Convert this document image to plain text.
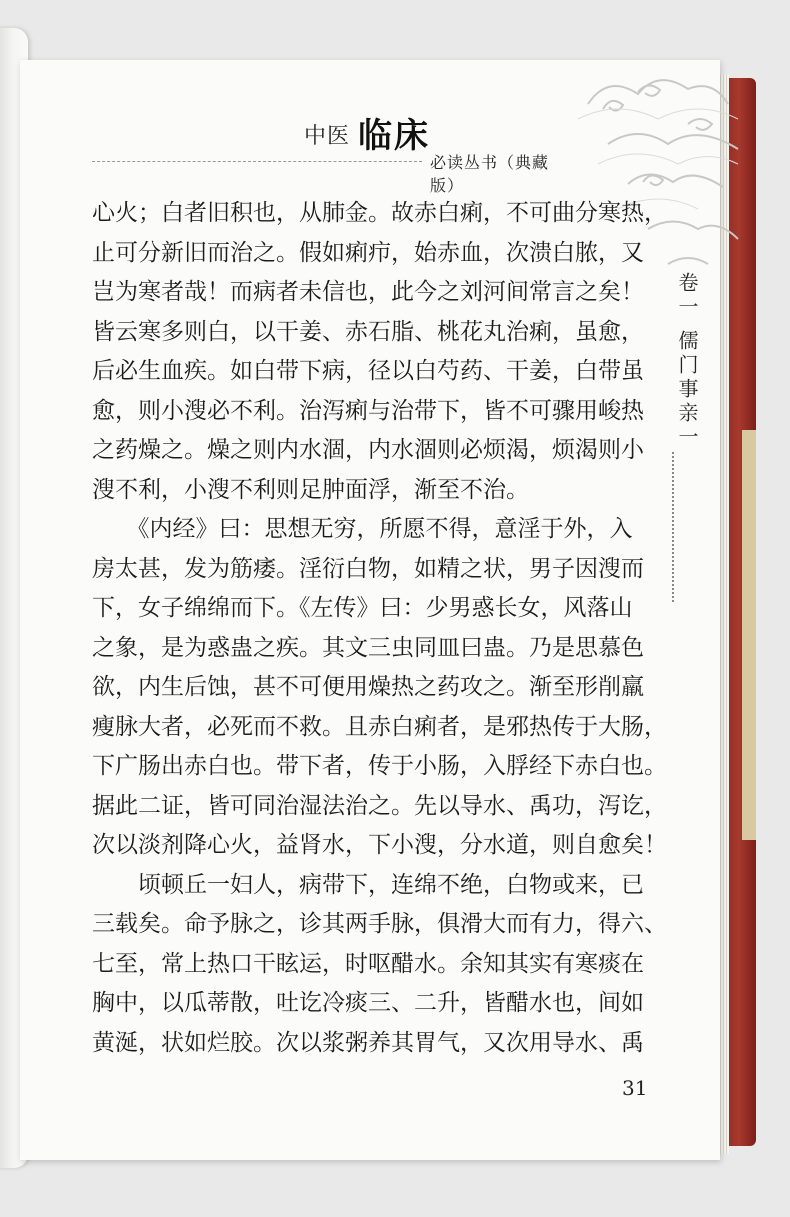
中医 临床
必读丛书（典藏版）
心火；白者旧积也，从肺金。故赤白痢，不可曲分寒热，
止可分新旧而治之。假如痢疖，始赤血，次溃白脓，又
岂为寒者哉！而病者未信也，此今之刘河间常言之矣！
皆云寒多则白，以干姜、赤石脂、桃花丸治痢，虽愈，
后必生血疾。如白带下病，径以白芍药、干姜，白带虽
愈，则小溲必不利。治泻痢与治带下，皆不可骤用峻热
之药燥之。燥之则内水涸，内水涸则必烦渴，烦渴则小
溲不利，小溲不利则足肿面浮，渐至不治。
　　《内经》曰：思想无穷，所愿不得，意淫于外，入
房太甚，发为筋痿。淫衍白物，如精之状，男子因溲而
下，女子绵绵而下。《左传》曰：少男惑长女，风落山
之象，是为惑蛊之疾。其文三虫同皿曰蛊。乃是思慕色
欲，内生后蚀，甚不可便用燥热之药攻之。渐至形削羸
瘦脉大者，必死而不救。且赤白痢者，是邪热传于大肠，
下广肠出赤白也。带下者，传于小肠，入脬经下赤白也。
据此二证，皆可同治湿法治之。先以导水、禹功，泻讫，
次以淡剂降心火，益肾水，下小溲，分水道，则自愈矣！
　　顷顿丘一妇人，病带下，连绵不绝，白物或来，已
三载矣。命予脉之，诊其两手脉，俱滑大而有力，得六、
七至，常上热口干眩运，时呕醋水。余知其实有寒痰在
胸中，以瓜蒂散，吐讫冷痰三、二升，皆醋水也，间如
黄涎，状如烂胶。次以浆粥养其胃气，又次用导水、禹
卷一儒门事亲一
31
